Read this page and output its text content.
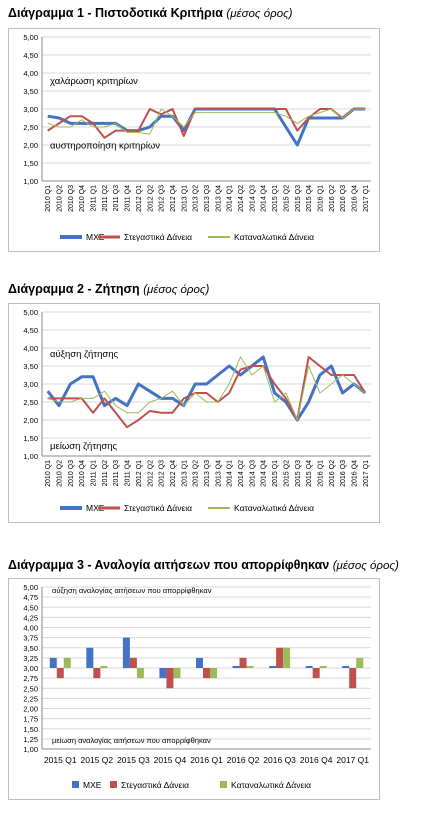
Διάγραμμα 1 - Πιστοδοτικά Κριτήρια (μέσος όρος)
1,00
1,50
2,00
2,50
3,00
3,50
4,00
4,50
5,00
2010 Q1 2010 Q2 2010 Q3 2010 Q4 2011 Q1 2011 Q2 2011 Q3 2011 Q4 2012 Q1 2012 Q2 2012 Q3 2012 Q4 2013 Q1 2013 Q2 2013 Q3 2013 Q4 2014 Q1 2014 Q2 2014 Q3 2014 Q4 2015 Q1 2015 Q2 2015 Q3 2015 Q4 2016 Q1 2016 Q2 2016 Q3 2016 Q4 2017 Q1
χαλάρωση κριτηρίων
αυστηροποίηση κριτηρίων
ΜΧΕ Στεγαστικά Δάνεια	Καταναλωτικά Δάνεια
Διάγραμμα 2 - Ζήτηση (μέσος όρος)
1,00
1,50
2,00
2,50
3,00
3,50
4,00
4,50
5,00
2010 Q1 2010 Q2 2010 Q3 2010 Q4 2011 Q1 2011 Q2 2011 Q3 2011 Q4 2012 Q1 2012 Q2 2012 Q3 2012 Q4 2013 Q1 2013 Q2 2013 Q3 2013 Q4 2014 Q1 2014 Q2 2014 Q3 2014 Q4 2015 Q1 2015 Q2 2015 Q3 2015 Q4 2016 Q1 2016 Q2 2016 Q3 2016 Q4 2017 Q1
αύξηση ζήτησης
μείωση ζήτησης
ΜΧΕ Στεγαστικά Δάνεια	Καταναλωτικά Δάνεια
Διάγραμμα 3 - Αναλογία αιτήσεων που απορρίφθηκαν (μέσος όρος)
1,00
1,25
1,50
1,75
2,00
2,25
2,50
2,75
3,00
3,25
3,50
3,75
4,00
4,25
4,50
4,75
5,00
2015 Q1 2015 Q2 2015 Q3 2015 Q4 2016 Q1 2016 Q2 2016 Q3 2016 Q4 2017 Q1
αύξηση αναλογίας αιτήσεων που απορρίφθηκαν
μείωση αναλογίας αιτήσεων που απορρίφθηκαν
ΜΧΕ Στεγαστικά Δάνεια	Καταναλωτικά Δάνεια
